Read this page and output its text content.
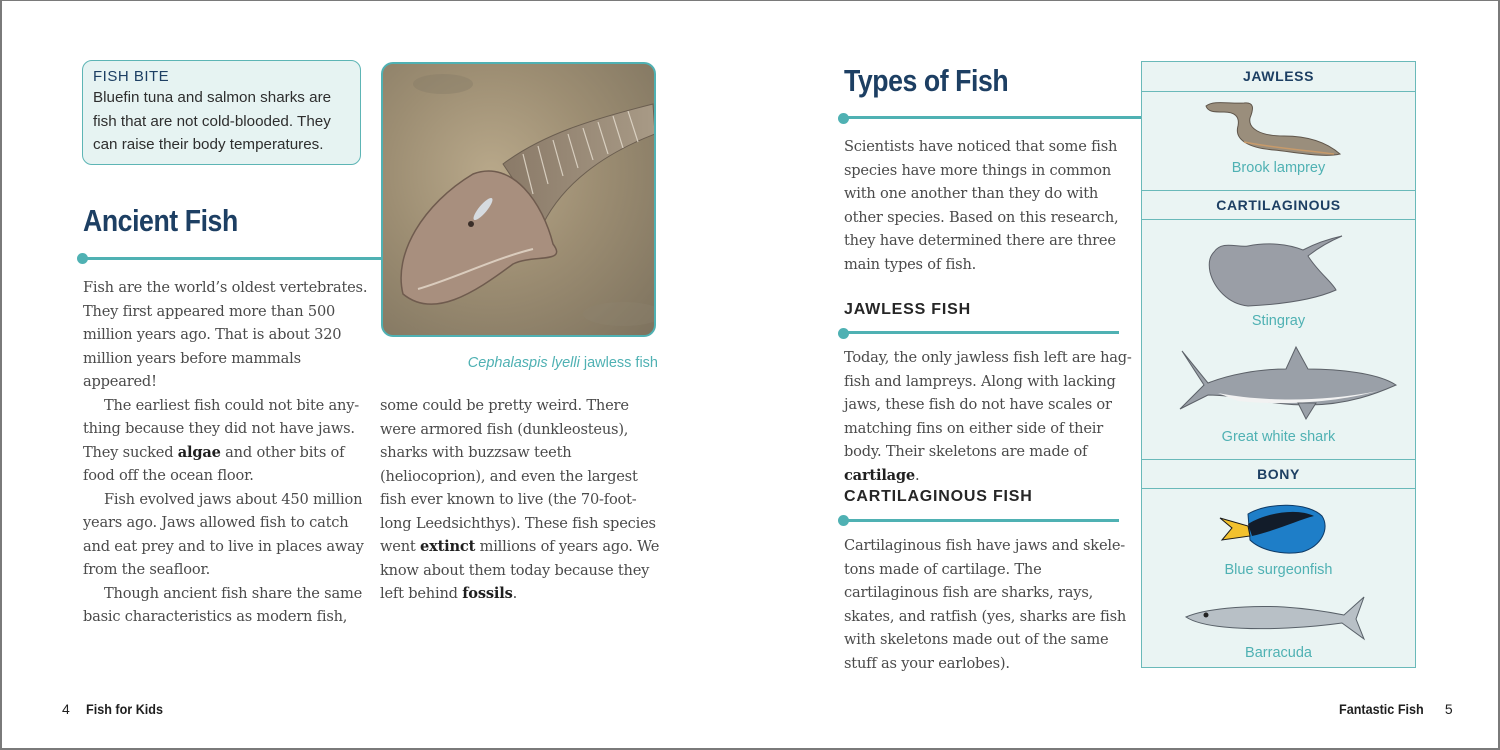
FISH BITE
Bluefin tuna and salmon sharks are fish that are not cold-blooded. They can raise their body temperatures.
Ancient Fish

Fish are the world’s oldest vertebrates. They first appeared more than 500 million years ago. That is about 320 million years before mammals appeared!

The earliest fish could not bite any-thing because they did not have jaws. They sucked algae and other bits of food off the ocean floor.

Fish evolved jaws about 450 million years ago. Jaws allowed fish to catch and eat prey and to live in places away from the seafloor.

Though ancient fish share the same basic characteristics as modern fish,

Cephalaspis lyelli jawless fish

some could be pretty weird. There were armored fish (dunkleosteus), sharks with buzzsaw teeth (heliocoprion), and even the largest fish ever known to live (the 70-foot-long Leedsichthys). These fish species went extinct millions of years ago. We know about them today because they left behind fossils.

4 Fish for Kids
Types of Fish

Scientists have noticed that some fish species have more things in common with one another than they do with other species. Based on this research, they have determined there are three main types of fish.

JAWLESS FISH

Today, the only jawless fish left are hag-fish and lampreys. Along with lacking jaws, these fish do not have scales or matching fins on either side of their body. Their skeletons are made of cartilage.

CARTILAGINOUS FISH

Cartilaginous fish have jaws and skele-tons made of cartilage. The cartilaginous fish are sharks, rays, skates, and ratfish (yes, sharks are fish with skeletons made out of the same stuff as your earlobes).

JAWLESS
Brook lamprey
CARTILAGINOUS
Stingray
Great white shark
BONY
Blue surgeonfish
Barracuda
Fantastic Fish 5
